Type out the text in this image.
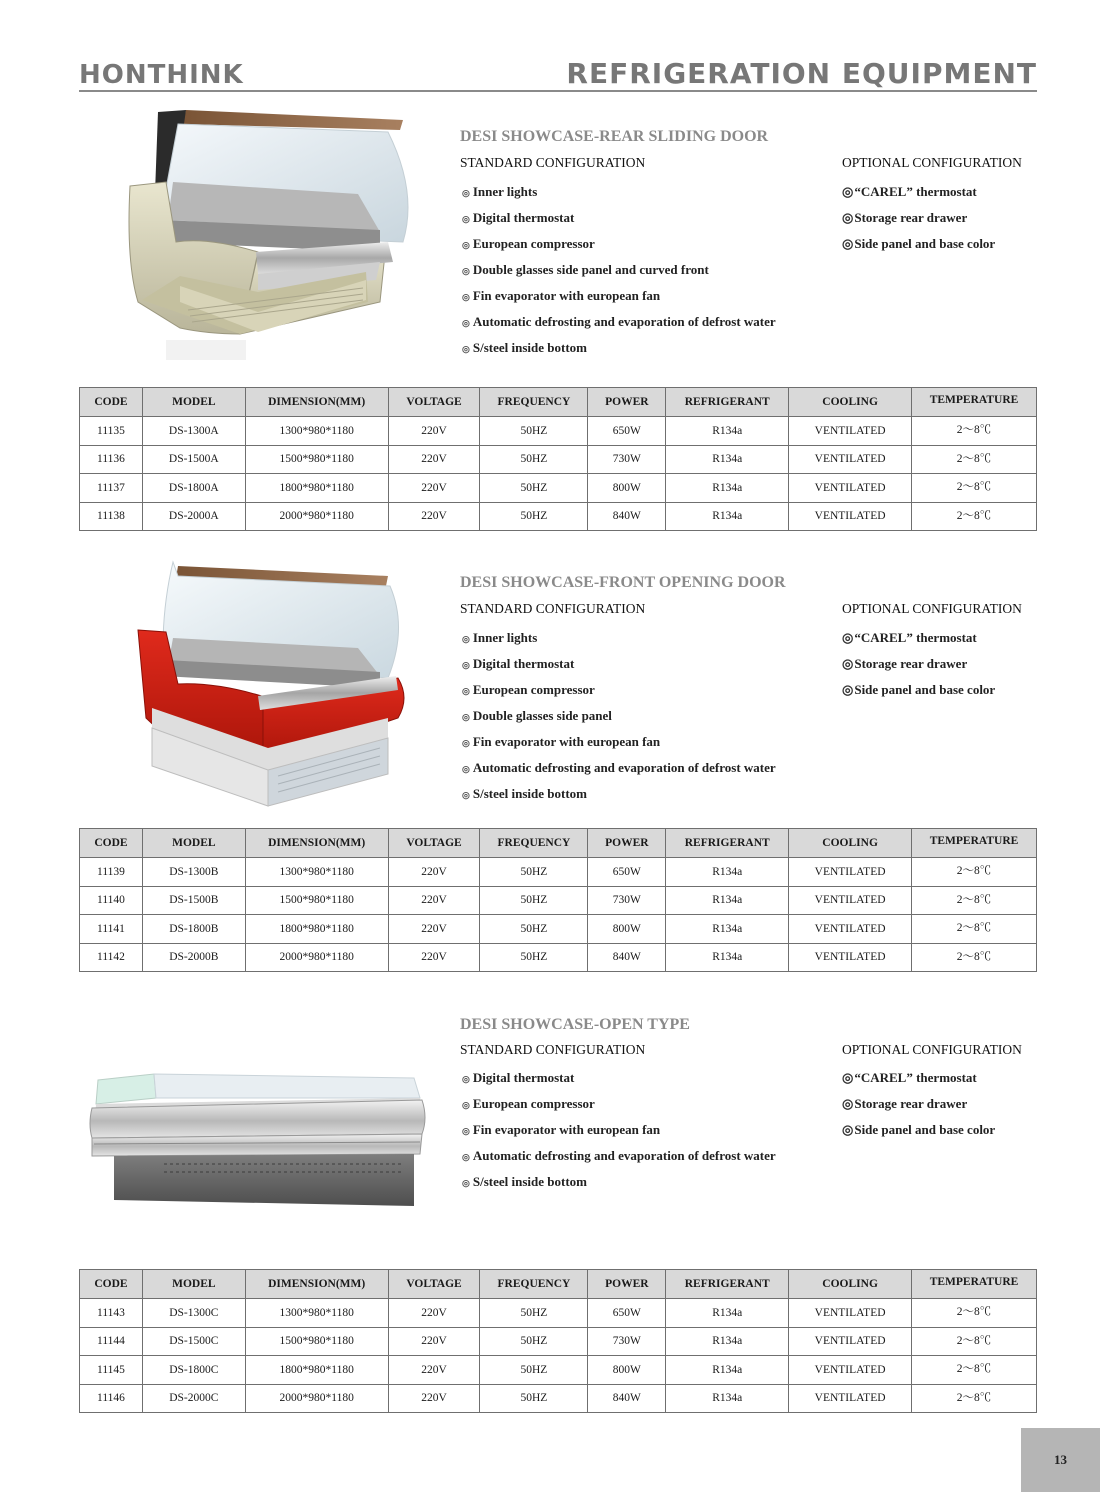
HONTHINK	REFRIGERATION EQUIPMENT
DESI SHOWCASE-REAR SLIDING DOOR
STANDARD CONFIGURATION	OPTIONAL CONFIGURATION
◎ Inner lights
◎ Digital thermostat
◎ European compressor
◎ Double glasses side panel and curved front
◎ Fin evaporator with european fan
◎ Automatic defrosting and evaporation of defrost water
◎ S/steel inside bottom
◎ “CAREL” thermostat
◎ Storage rear drawer
◎ Side panel and base color
CODE	MODEL	DIMENSION(MM)	VOLTAGE	FREQUENCY	POWER	REFRIGERANT	COOLING	TEMPERATURE
11135	DS-1300A	1300*980*1180	220V	50HZ	650W	R134a	VENTILATED	2～8℃
11136	DS-1500A	1500*980*1180	220V	50HZ	730W	R134a	VENTILATED	2～8℃
11137	DS-1800A	1800*980*1180	220V	50HZ	800W	R134a	VENTILATED	2～8℃
11138	DS-2000A	2000*980*1180	220V	50HZ	840W	R134a	VENTILATED	2～8℃
DESI SHOWCASE-FRONT OPENING DOOR
STANDARD CONFIGURATION	OPTIONAL CONFIGURATION
◎ Inner lights
◎ Digital thermostat
◎ European compressor
◎ Double glasses side panel
◎ Fin evaporator with european fan
◎ Automatic defrosting and evaporation of defrost water
◎ S/steel inside bottom
◎ “CAREL” thermostat
◎ Storage rear drawer
◎ Side panel and base color
CODE	MODEL	DIMENSION(MM)	VOLTAGE	FREQUENCY	POWER	REFRIGERANT	COOLING	TEMPERATURE
11139	DS-1300B	1300*980*1180	220V	50HZ	650W	R134a	VENTILATED	2～8℃
11140	DS-1500B	1500*980*1180	220V	50HZ	730W	R134a	VENTILATED	2～8℃
11141	DS-1800B	1800*980*1180	220V	50HZ	800W	R134a	VENTILATED	2～8℃
11142	DS-2000B	2000*980*1180	220V	50HZ	840W	R134a	VENTILATED	2～8℃
DESI SHOWCASE-OPEN TYPE
STANDARD CONFIGURATION	OPTIONAL CONFIGURATION
◎ Digital thermostat
◎ European compressor
◎ Fin evaporator with european fan
◎ Automatic defrosting and evaporation of defrost water
◎ S/steel inside bottom
◎ “CAREL” thermostat
◎ Storage rear drawer
◎ Side panel and base color
CODE	MODEL	DIMENSION(MM)	VOLTAGE	FREQUENCY	POWER	REFRIGERANT	COOLING	TEMPERATURE
11143	DS-1300C	1300*980*1180	220V	50HZ	650W	R134a	VENTILATED	2～8℃
11144	DS-1500C	1500*980*1180	220V	50HZ	730W	R134a	VENTILATED	2～8℃
11145	DS-1800C	1800*980*1180	220V	50HZ	800W	R134a	VENTILATED	2～8℃
11146	DS-2000C	2000*980*1180	220V	50HZ	840W	R134a	VENTILATED	2～8℃
13
